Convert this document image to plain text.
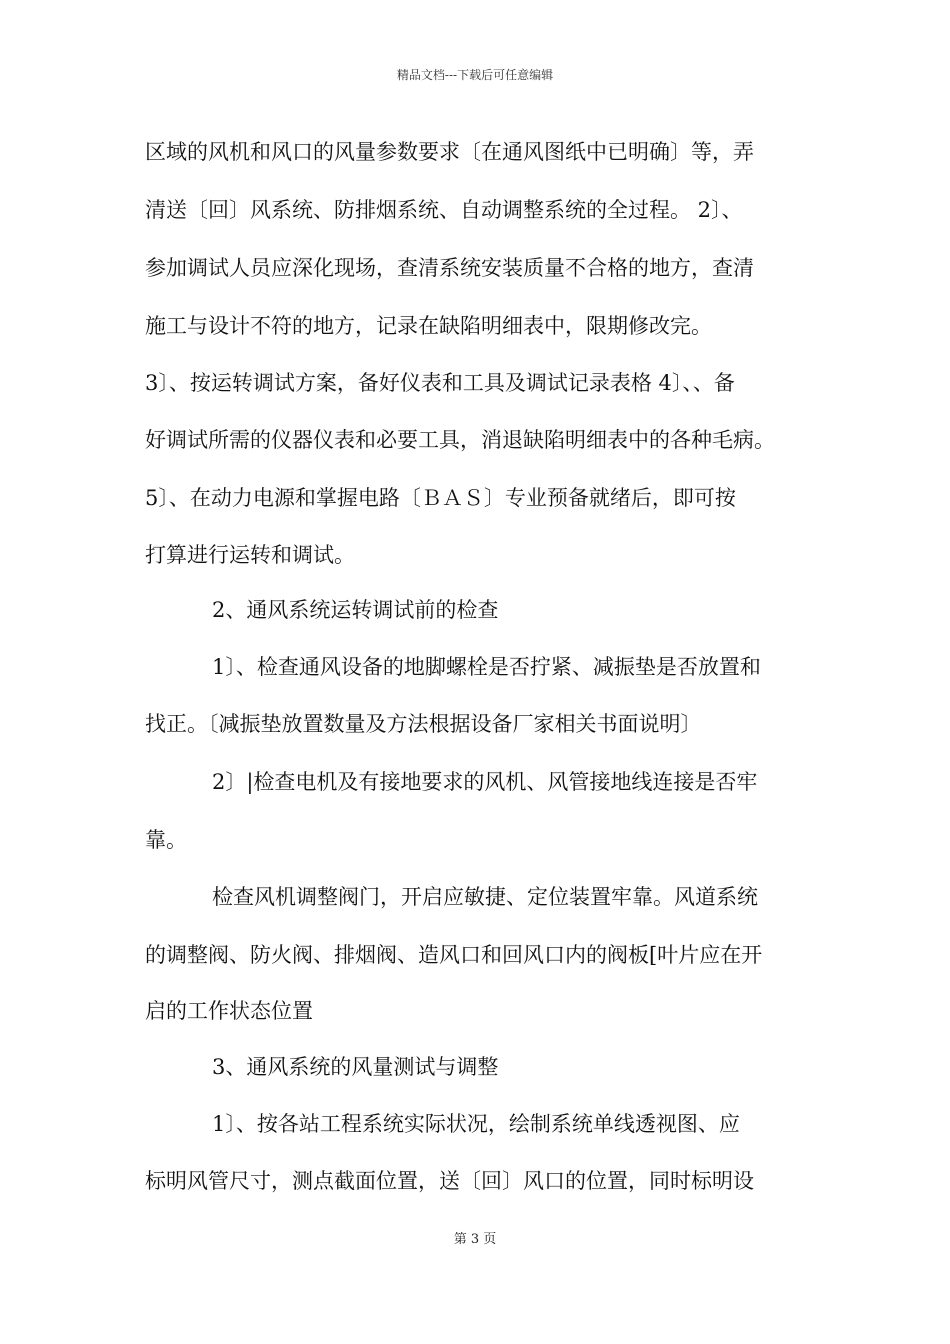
精品文档---下载后可任意编辑
区域的风机和风口的风量参数要求〔在通风图纸中已明确〕等，弄
清送〔回〕风系统、防排烟系统、自动调整系统的全过程。 2〕、
参加调试人员应深化现场，查清系统安装质量不合格的地方，查清
施工与设计不符的地方，记录在缺陷明细表中，限期修改完。
3〕、按运转调试方案，备好仪表和工具及调试记录表格 4〕、、备
好调试所需的仪器仪表和必要工具，消退缺陷明细表中的各种毛病。
5〕、在动力电源和掌握电路〔ＢＡＳ〕专业预备就绪后，即可按
打算进行运转和调试。
2、通风系统运转调试前的检查
1〕、检查通风设备的地脚螺栓是否拧紧、减振垫是否放置和
找正。〔减振垫放置数量及方法根据设备厂家相关书面说明〕
2〕|检查电机及有接地要求的风机、风管接地线连接是否牢
靠。
检查风机调整阀门，开启应敏捷、定位装置牢靠。风道系统
的调整阀、防火阀、排烟阀、造风口和回风口内的阀板[叶片应在开
启的工作状态位置
3、通风系统的风量测试与调整
1〕、按各站工程系统实际状况，绘制系统单线透视图、应
标明风管尺寸，测点截面位置，送〔回〕风口的位置，同时标明设
第 3 页
